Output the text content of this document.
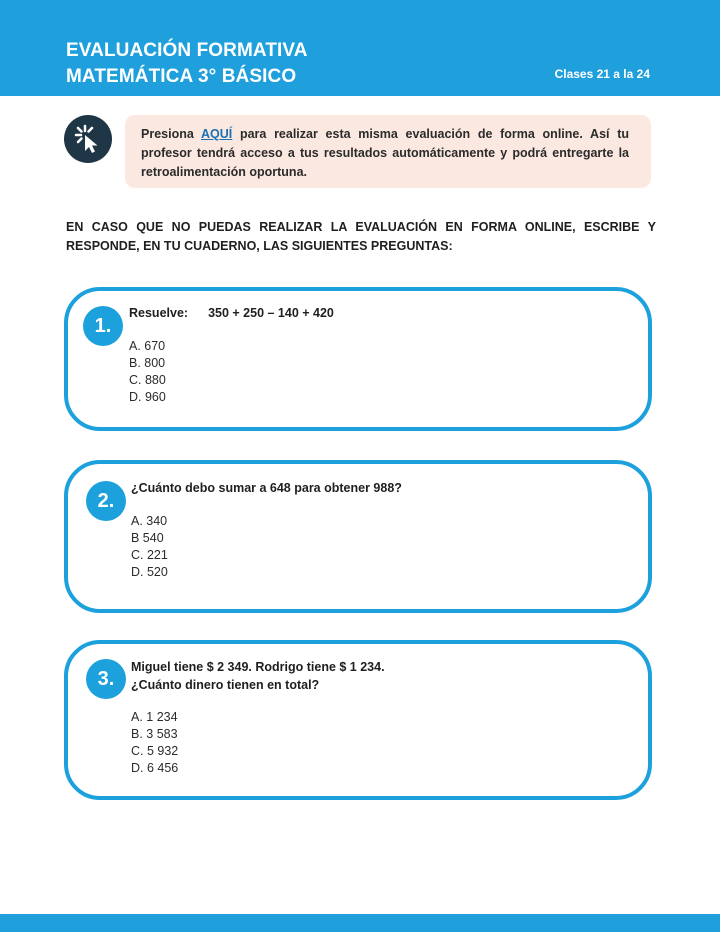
EVALUACIÓN FORMATIVA
MATEMÁTICA 3° BÁSICO	Clases 21 a la 24
Presiona AQUÍ para realizar esta misma evaluación de forma online. Así tu profesor tendrá acceso a tus resultados automáticamente y podrá entregarte la retroalimentación oportuna.
EN CASO QUE NO PUEDAS REALIZAR LA EVALUACIÓN EN FORMA ONLINE, ESCRIBE Y RESPONDE, EN TU CUADERNO, LAS SIGUIENTES PREGUNTAS:
1.
Resuelve: 350 + 250 – 140 + 420
A. 670
B. 800
C. 880
D. 960
2.
¿Cuánto debo sumar a 648 para obtener 988?
A. 340
B 540
C. 221
D. 520
3.
Miguel tiene $ 2 349. Rodrigo tiene $ 1 234.
¿Cuánto dinero tienen en total?
A. 1 234
B. 3 583
C. 5 932
D. 6 456
